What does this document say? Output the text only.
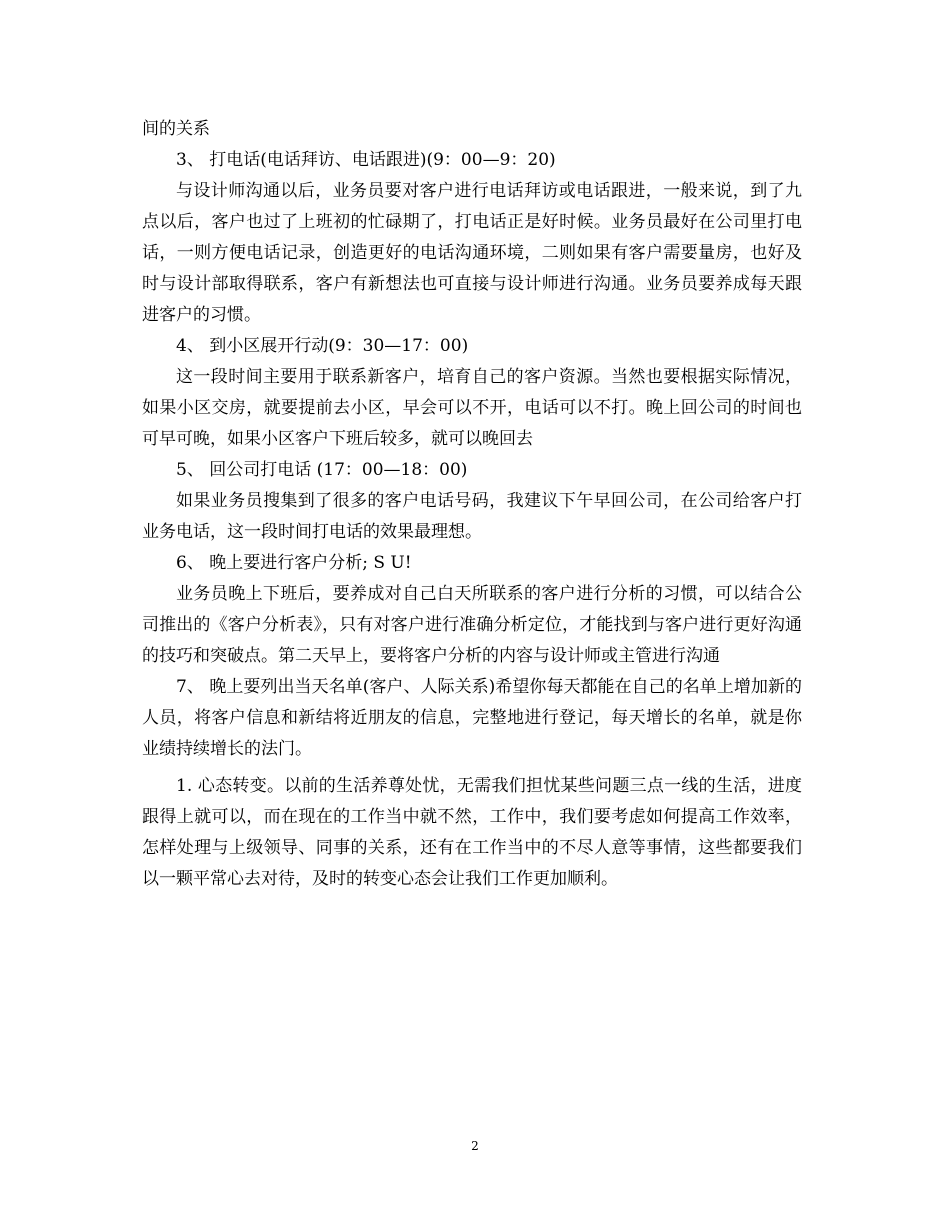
间的关系

3、 打电话(电话拜访、电话跟进)(9：00—9：20)

与设计师沟通以后，业务员要对客户进行电话拜访或电话跟进，一般来说，到了九点以后，客户也过了上班初的忙碌期了，打电话正是好时候。业务员最好在公司里打电话，一则方便电话记录，创造更好的电话沟通环境，二则如果有客户需要量房，也好及时与设计部取得联系，客户有新想法也可直接与设计师进行沟通。业务员要养成每天跟进客户的习惯。

4、 到小区展开行动(9：30—17：00)

这一段时间主要用于联系新客户，培育自己的客户资源。当然也要根据实际情况，如果小区交房，就要提前去小区，早会可以不开，电话可以不打。晚上回公司的时间也可早可晚，如果小区客户下班后较多，就可以晚回去

5、 回公司打电话 (17：00—18：00)

如果业务员搜集到了很多的客户电话号码，我建议下午早回公司，在公司给客户打业务电话，这一段时间打电话的效果最理想。

6、 晚上要进行客户分析; S U!

业务员晚上下班后，要养成对自己白天所联系的客户进行分析的习惯，可以结合公司推出的《客户分析表》，只有对客户进行准确分析定位，才能找到与客户进行更好沟通的技巧和突破点。第二天早上，要将客户分析的内容与设计师或主管进行沟通

7、 晚上要列出当天名单(客户、人际关系)希望你每天都能在自己的名单上增加新的人员，将客户信息和新结将近朋友的信息，完整地进行登记，每天增长的名单，就是你业绩持续增长的法门。

1. 心态转变。以前的生活养尊处忧，无需我们担忧某些问题三点一线的生活，进度跟得上就可以，而在现在的工作当中就不然，工作中，我们要考虑如何提高工作效率，怎样处理与上级领导、同事的关系，还有在工作当中的不尽人意等事情，这些都要我们以一颗平常心去对待，及时的转变心态会让我们工作更加顺利。

2
